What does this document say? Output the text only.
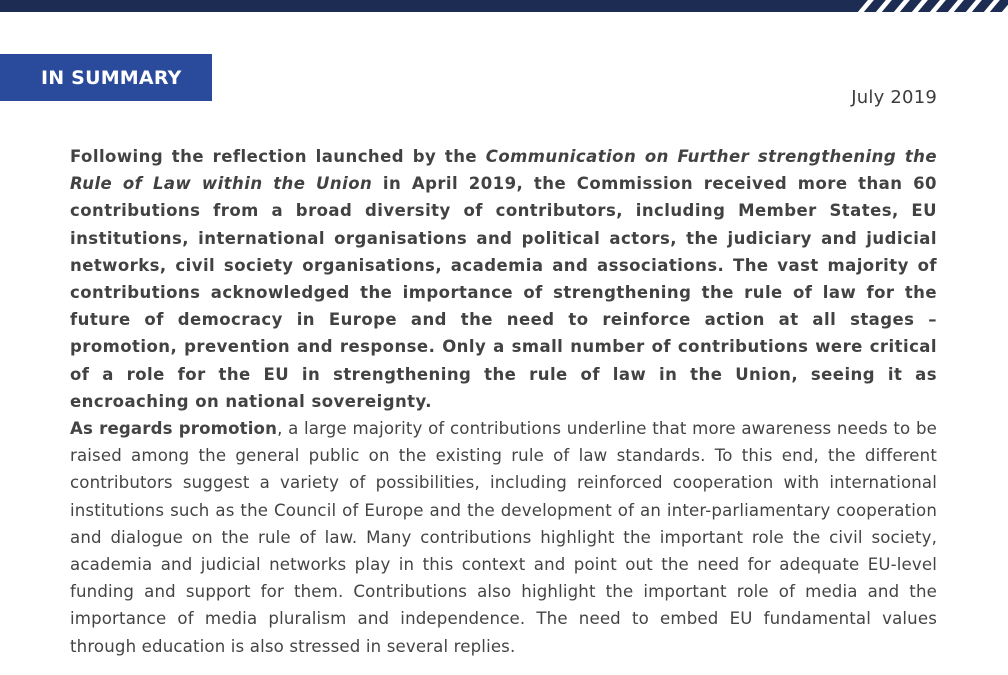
IN SUMMARY
July 2019

Following the reflection launched by the Communication on Further strengthening the Rule of Law within the Union in April 2019, the Commission received more than 60 contributions from a broad diversity of contributors, including Member States, EU institutions, international organisations and political actors, the judiciary and judicial networks, civil society organisations, academia and associations. The vast majority of contributions acknowledged the importance of strengthening the rule of law for the future of democracy in Europe and the need to reinforce action at all stages – promotion, prevention and response. Only a small number of contributions were critical of a role for the EU in strengthening the rule of law in the Union, seeing it as encroaching on national sovereignty.

As regards promotion, a large majority of contributions underline that more awareness needs to be raised among the general public on the existing rule of law standards. To this end, the different contributors suggest a variety of possibilities, including reinforced cooperation with international institutions such as the Council of Europe and the development of an inter-parliamentary cooperation and dialogue on the rule of law. Many contributions highlight the important role the civil society, academia and judicial networks play in this context and point out the need for adequate EU-level funding and support for them. Contributions also highlight the important role of media and the importance of media pluralism and independence. The need to embed EU fundamental values through education is also stressed in several replies.
